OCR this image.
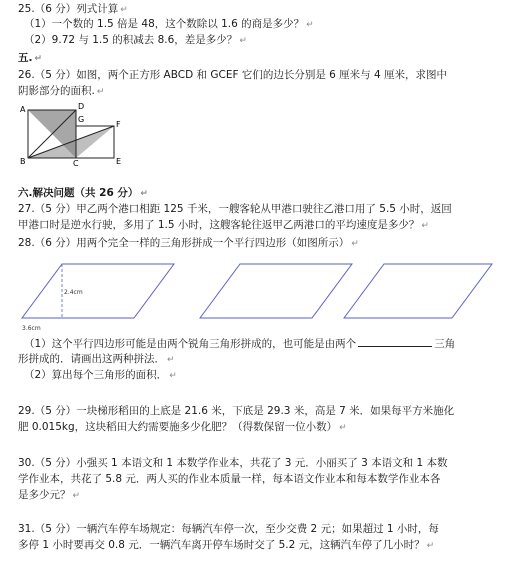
25.（6 分）列式计算 ↵
（1）一个数的 1.5 倍是 48，这个数除以 1.6 的商是多少？ ↵
（2）9.72 与 1.5 的积减去 8.6，差是多少？ ↵
五. ↵
26.（5 分）如图，两个正方形 ABCD 和 GCEF 它们的边长分别是 6 厘米与 4 厘米，求图中
阴影部分的面积. ↵
A	D
G
F
B	C	E
六.解决问题（共 26 分） ↵
27.（5 分）甲乙两个港口相距 125 千米，一艘客轮从甲港口驶往乙港口用了 5.5 小时，返回
甲港口时是逆水行驶，多用了 1.5 小时，这艘客轮往返甲乙两港口的平均速度是多少？ ↵
28.（6 分）用两个完全一样的三角形拼成一个平行四边形（如图所示） ↵
2.4cm
3.6cm
（1）这个平行四边形可能是由两个锐角三角形拼成的，也可能是由两个	三角
形拼成的．请画出这两种拼法． ↵
（2）算出每个三角形的面积． ↵
29.（5 分）一块梯形稻田的上底是 21.6 米，下底是 29.3 米，高是 7 米．如果每平方米施化
肥 0.015kg，这块稻田大约需要施多少化肥？（得数保留一位小数） ↵
30.（5 分）小强买 1 本语文和 1 本数学作业本，共花了 3 元．小丽买了 3 本语文和 1 本数
学作业本，共花了 5.8 元．两人买的作业本质量一样，每本语文作业本和每本数学作业本各
是多少元？ ↵
31.（5 分）一辆汽车停车场规定：每辆汽车停一次，至少交费 2 元；如果超过 1 小时，每
多停 1 小时要再交 0.8 元．一辆汽车离开停车场时交了 5.2 元，这辆汽车停了几小时？ ↵
